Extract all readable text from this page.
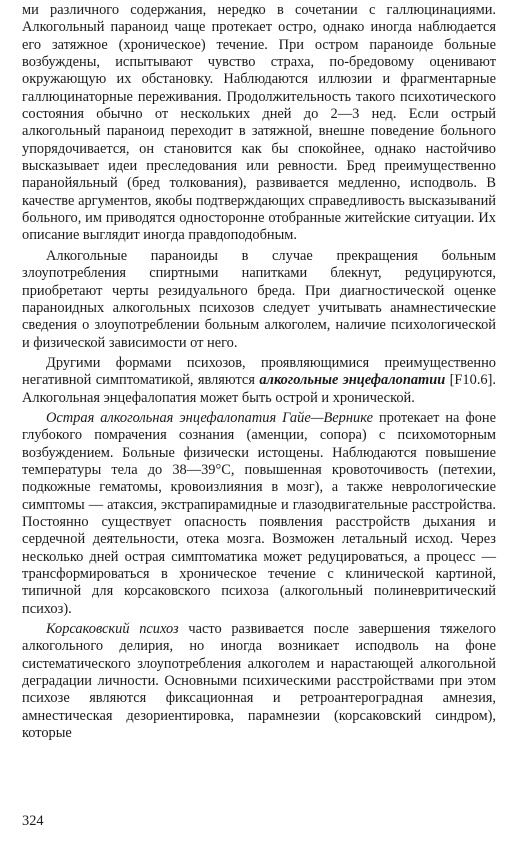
ми различного содержания, нередко в сочетании с галлюцинациями. Алкогольный параноид чаще протекает остро, однако иногда наблюдается его затяжное (хроническое) течение. При остром параноиде больные возбуждены, испытывают чувство страха, по-бредовому оценивают окружающую их обстановку. Наблюдаются иллюзии и фрагментарные галлюцинаторные переживания. Продолжительность такого психотического состояния обычно от нескольких дней до 2—3 нед. Если острый алкогольный параноид переходит в затяжной, внешне поведение больного упорядочивается, он становится как бы спокойнее, однако настойчиво высказывает идеи преследования или ревности. Бред преимущественно паранойяльный (бред толкования), развивается медленно, исподволь. В качестве аргументов, якобы подтверждающих справедливость высказываний больного, им приводятся односторонне отобранные житейские ситуации. Их описание выглядит иногда правдоподобным.

Алкогольные параноиды в случае прекращения больным злоупотребления спиртными напитками блекнут, редуцируются, приобретают черты резидуального бреда. При диагностической оценке параноидных алкогольных психозов следует учитывать анамнестические сведения о злоупотреблении больным алкоголем, наличие психологической и физической зависимости от него.

Другими формами психозов, проявляющимися преимущественно негативной симптоматикой, являются алкогольные энцефалопатии [F10.6]. Алкогольная энцефалопатия может быть острой и хронической.

Острая алкогольная энцефалопатия Гайе—Вернике протекает на фоне глубокого помрачения сознания (аменции, сопора) с психомоторным возбуждением. Больные физически истощены. Наблюдаются повышение температуры тела до 38—39°С, повышенная кровоточивость (петехии, подкожные гематомы, кровоизлияния в мозг), а также неврологические симптомы — атаксия, экстрапирамидные и глазодвигательные расстройства. Постоянно существует опасность появления расстройств дыхания и сердечной деятельности, отека мозга. Возможен летальный исход. Через несколько дней острая симптоматика может редуцироваться, а процесс — трансформироваться в хроническое течение с клинической картиной, типичной для корсаковского психоза (алкогольный полиневритический психоз).

Корсаковский психоз часто развивается после завершения тяжелого алкогольного делирия, но иногда возникает исподволь на фоне систематического злоупотребления алкоголем и нарастающей алкогольной деградации личности. Основными психическими расстройствами при этом психозе являются фиксационная и ретроантероградная амнезия, амнестическая дезориентировка, парамнезии (корсаковский синдром), которые

324
